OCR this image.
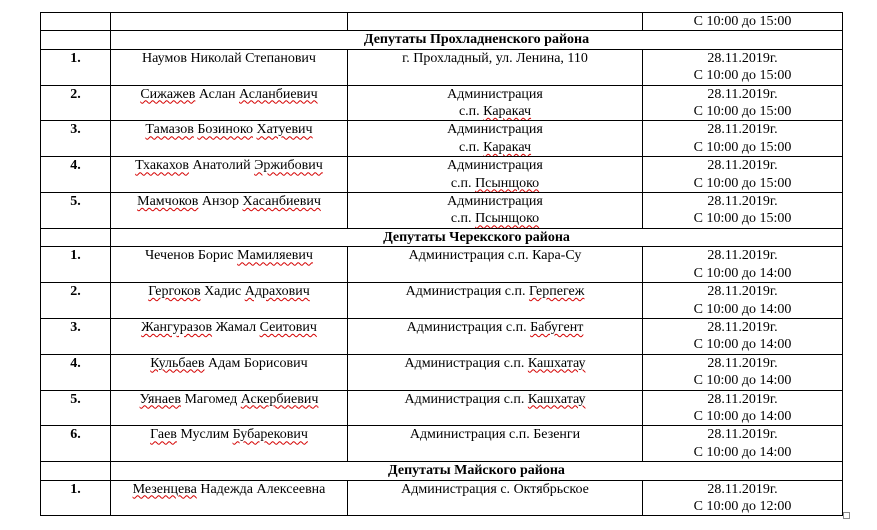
			С 10:00 до 15:00

	Депутаты Прохладненского района		
1.	Наумов Николай Степанович	г. Прохладный, ул. Ленина, 110	28.11.2019г.
С 10:00 до 15:00

2.	Сижажев Аслан Асланбиевич	Администрация
с.п. Каракач	28.11.2019г.
С 10:00 до 15:00

3.	Тамазов Бозиноко Хатуевич	Администрация
с.п. Каракач	28.11.2019г.
С 10:00 до 15:00

4.	Тхакахов Анатолий Эржибович	Администрация
с.п. Псынщоко	28.11.2019г.
С 10:00 до 15:00

5.	Мамчоков Анзор Хасанбиевич	Администрация
с.п. Псынщоко	28.11.2019г.
С 10:00 до 15:00

	Депутаты Черекского района		
1.	Чеченов Борис Мамиляевич	Администрация с.п. Кара-Су	28.11.2019г.
С 10:00 до 14:00

2.	Гергоков Хадис Адрахович	Администрация с.п. Герпегеж	28.11.2019г.
С 10:00 до 14:00

3.	Жангуразов Жамал Сеитович	Администрация с.п. Бабугент	28.11.2019г.
С 10:00 до 14:00

4.	Кульбаев Адам Борисович	Администрация с.п. Кашхатау	28.11.2019г.
С 10:00 до 14:00

5.	Уянаев Магомед Аскербиевич	Администрация с.п. Кашхатау	28.11.2019г.
С 10:00 до 14:00

6.	Гаев Муслим Бубарекович	Администрация с.п. Безенги	28.11.2019г.
С 10:00 до 14:00

	Депутаты Майского района		
1.	Мезенцева Надежда Алексеевна	Администрация с. Октябрьское	28.11.2019г.
С 10:00 до 12:00
